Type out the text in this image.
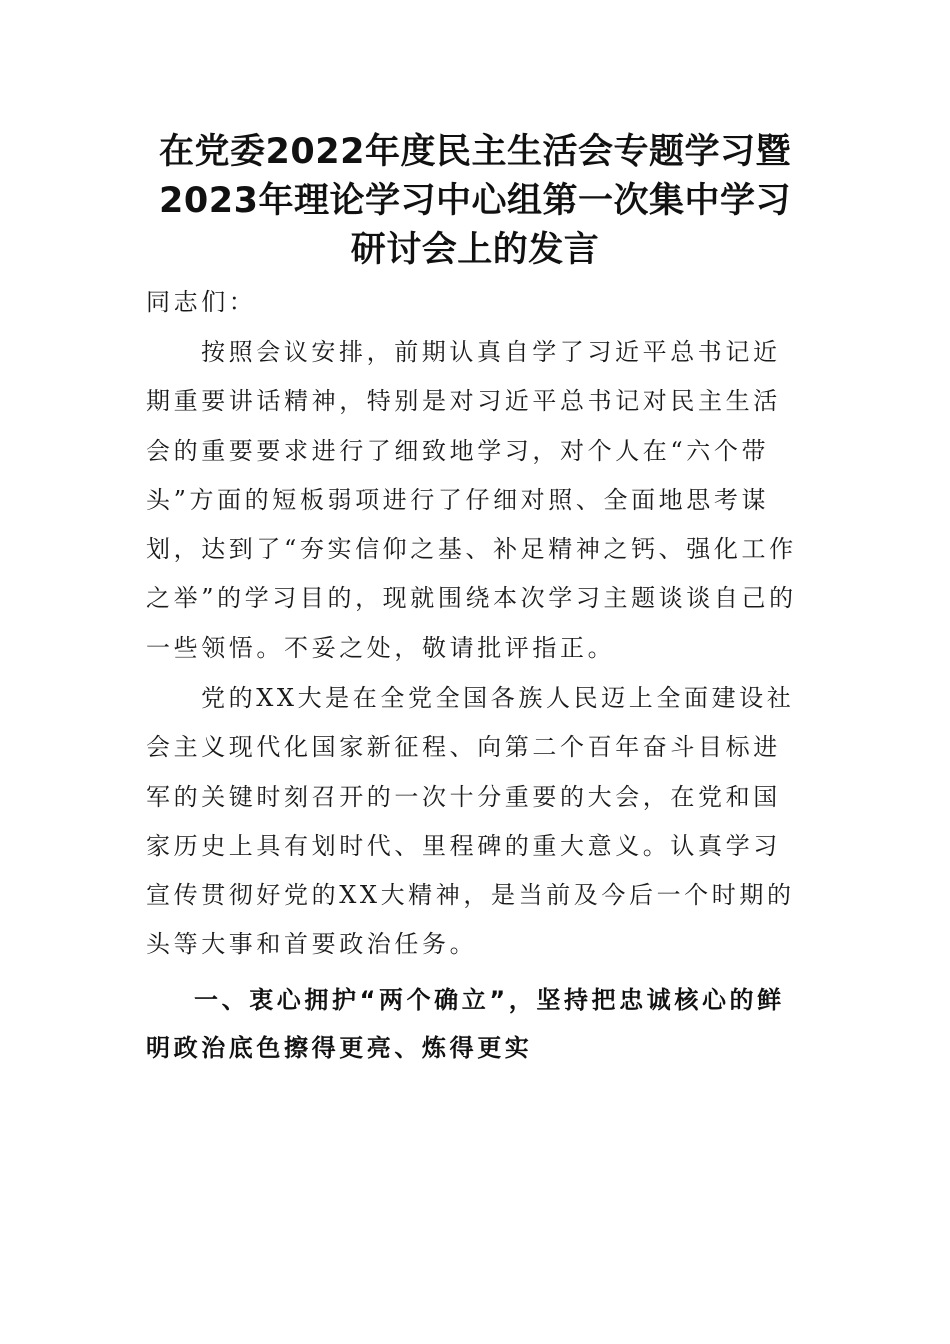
在党委2022年度民主生活会专题学习暨
2023年理论学习中心组第一次集中学习
研讨会上的发言

同志们：

按照会议安排，前期认真自学了习近平总书记近期重要讲话精神，特别是对习近平总书记对民主生活会的重要要求进行了细致地学习，对个人在“六个带头”方面的短板弱项进行了仔细对照、全面地思考谋划，达到了“夯实信仰之基、补足精神之钙、强化工作之举”的学习目的，现就围绕本次学习主题谈谈自己的一些领悟。不妥之处，敬请批评指正。

党的XX大是在全党全国各族人民迈上全面建设社会主义现代化国家新征程、向第二个百年奋斗目标进军的关键时刻召开的一次十分重要的大会，在党和国家历史上具有划时代、里程碑的重大意义。认真学习宣传贯彻好党的XX大精神，是当前及今后一个时期的头等大事和首要政治任务。

一、衷心拥护“两个确立”，坚持把忠诚核心的鲜明政治底色擦得更亮、炼得更实
